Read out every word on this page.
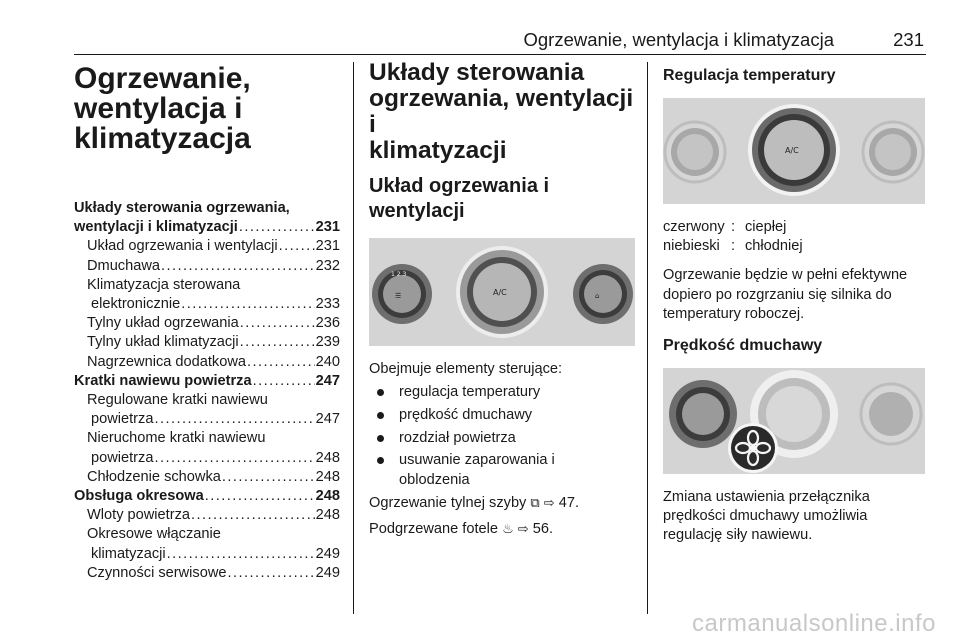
Ogrzewanie, wentylacja i klimatyzacja	231
Ogrzewanie,
wentylacja i
klimatyzacja
Układy sterowania ogrzewania,
wentylacji i klimatyzacji . . .	231
Układ ogrzewania i wentylacji . . .	231
Dmuchawa . . .	232
Klimatyzacja sterowana
elektronicznie . . .	233
Tylny układ ogrzewania . . .	236
Tylny układ klimatyzacji . . .	239
Nagrzewnica dodatkowa . . .	240
Kratki nawiewu powietrza . . .	247
Regulowane kratki nawiewu
powietrza . . .	247
Nieruchome kratki nawiewu
powietrza . . .	248
Chłodzenie schowka . . .	248
Obsługa okresowa . . .	248
Wloty powietrza . . .	248
Okresowe włączanie
klimatyzacji . . .	249
Czynności serwisowe . . .	249
Układy sterowania
ogrzewania, wentylacji i
klimatyzacji
Układ ogrzewania i
wentylacji
1 2 3
☰	A/C	⌂

Obejmuje elementy sterujące:

regulacja temperatury
prędkość dmuchawy
rozdział powietrza
usuwanie zaparowania i
oblodzenia

Ogrzewanie tylnej szyby ⧉ ⇨ 47.

Podgrzewane fotele ♨ ⇨ 56.

Regulacja temperatury
A/C
czerwony : ciepłej
niebieski : chłodniej

Ogrzewanie będzie w pełni efektywne dopiero po rozgrzaniu się silnika do temperatury roboczej.

Prędkość dmuchawy

Zmiana ustawienia przełącznika prędkości dmuchawy umożliwia regulację siły nawiewu.

carmanualsonline.info
